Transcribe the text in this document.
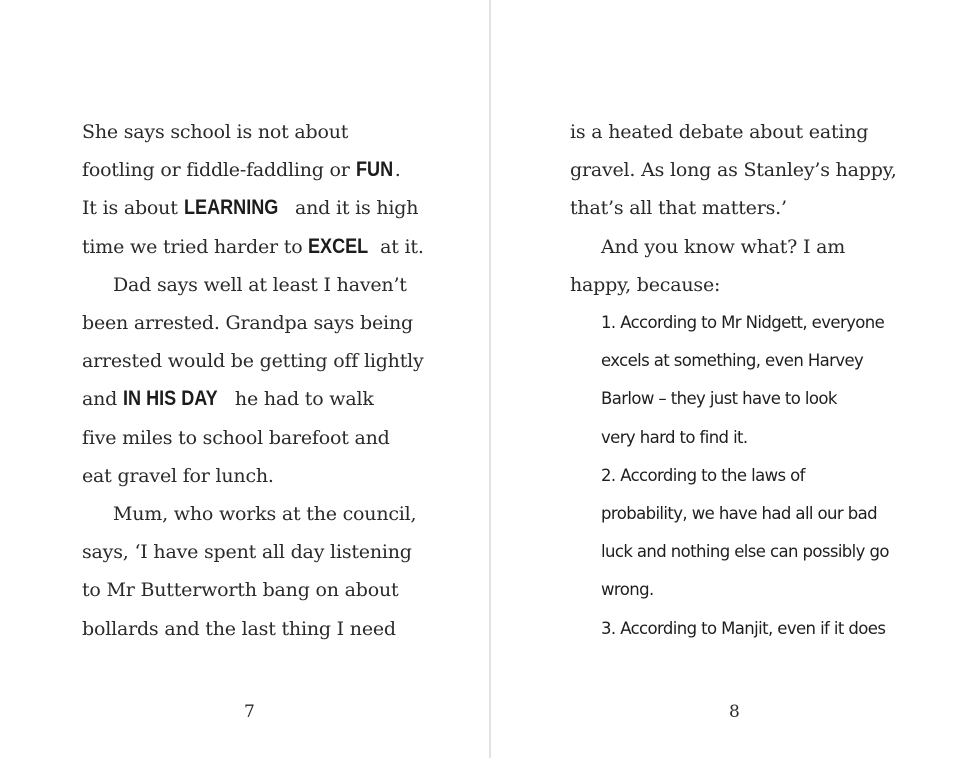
She says school is not about
footling or fiddle-faddling or FUN .
It is about LEARNING and it is high
time we tried harder to EXCEL at it.
Dad says well at least I haven’t
been arrested. Grandpa says being
arrested would be getting off lightly
and IN HIS DAY he had to walk
five miles to school barefoot and
eat gravel for lunch.
Mum, who works at the council,
says, ‘I have spent all day listening
to Mr Butterworth bang on about
bollards and the last thing I need
7
is a heated debate about eating
gravel. As long as Stanley’s happy,
that’s all that matters.’
And you know what? I am
happy, because:
1. According to Mr Nidgett, everyone
excels at something, even Harvey
Barlow – they just have to look
very hard to find it.
2. According to the laws of
probability, we have had all our bad
luck and nothing else can possibly go
wrong.
3. According to Manjit, even if it does
8
